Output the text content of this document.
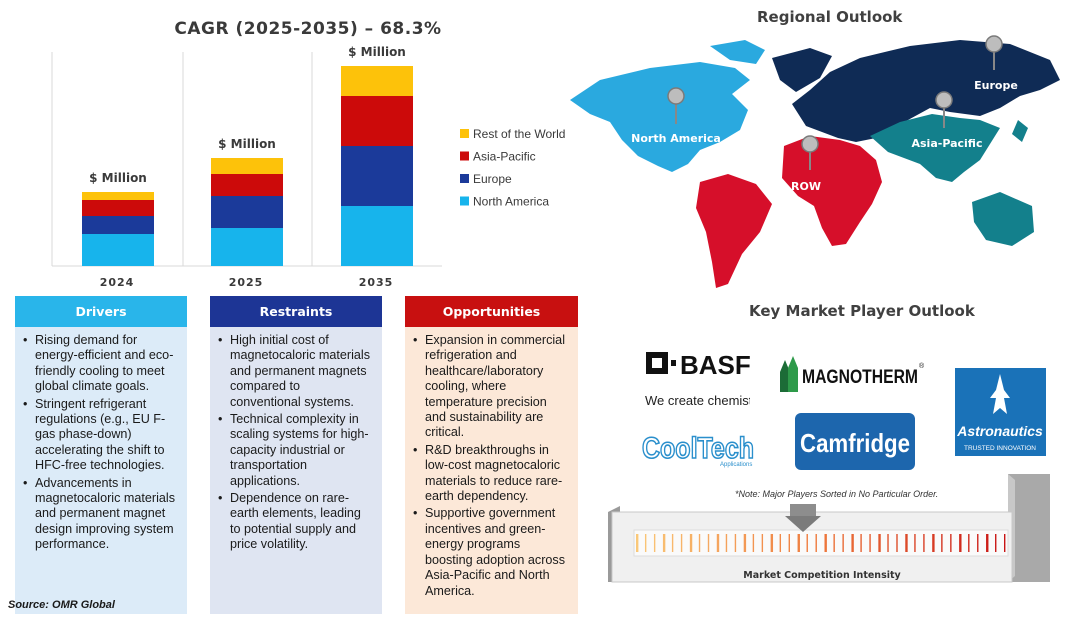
CAGR (2025-2035) – 68.3%
$ Million
2024
$ Million
2025
$ Million
2035
Rest of the World
Asia-Pacific
Europe
North America
Drivers
• Rising demand for energy-efficient and eco-friendly cooling to meet global climate goals.
• Stringent refrigerant regulations (e.g., EU F-gas phase-down) accelerating the shift to HFC-free technologies.
• Advancements in magnetocaloric materials and permanent magnet design improving system performance.
Restraints
• High initial cost of magnetocaloric materials and permanent magnets compared to conventional systems.
• Technical complexity in scaling systems for high-capacity industrial or transportation applications.
• Dependence on rare-earth elements, leading to potential supply and price volatility.
Opportunities
• Expansion in commercial refrigeration and healthcare/laboratory cooling, where temperature precision and sustainability are critical.
• R&D breakthroughs in low-cost magnetocaloric materials to reduce rare-earth dependency.
• Supportive government incentives and green-energy programs boosting adoption across Asia-Pacific and North America.
Source: OMR Global
Regional Outlook
North America
Europe
Asia-Pacific
ROW
Key Market Player Outlook
BASF
We create chemis
MAGNOTHERM
®
Astronautics
TRUSTED INNOVATION
CoolTech
Applications
Camfridge
*Note: Major Players Sorted in No Particular Order.
Market Competition Intensity
